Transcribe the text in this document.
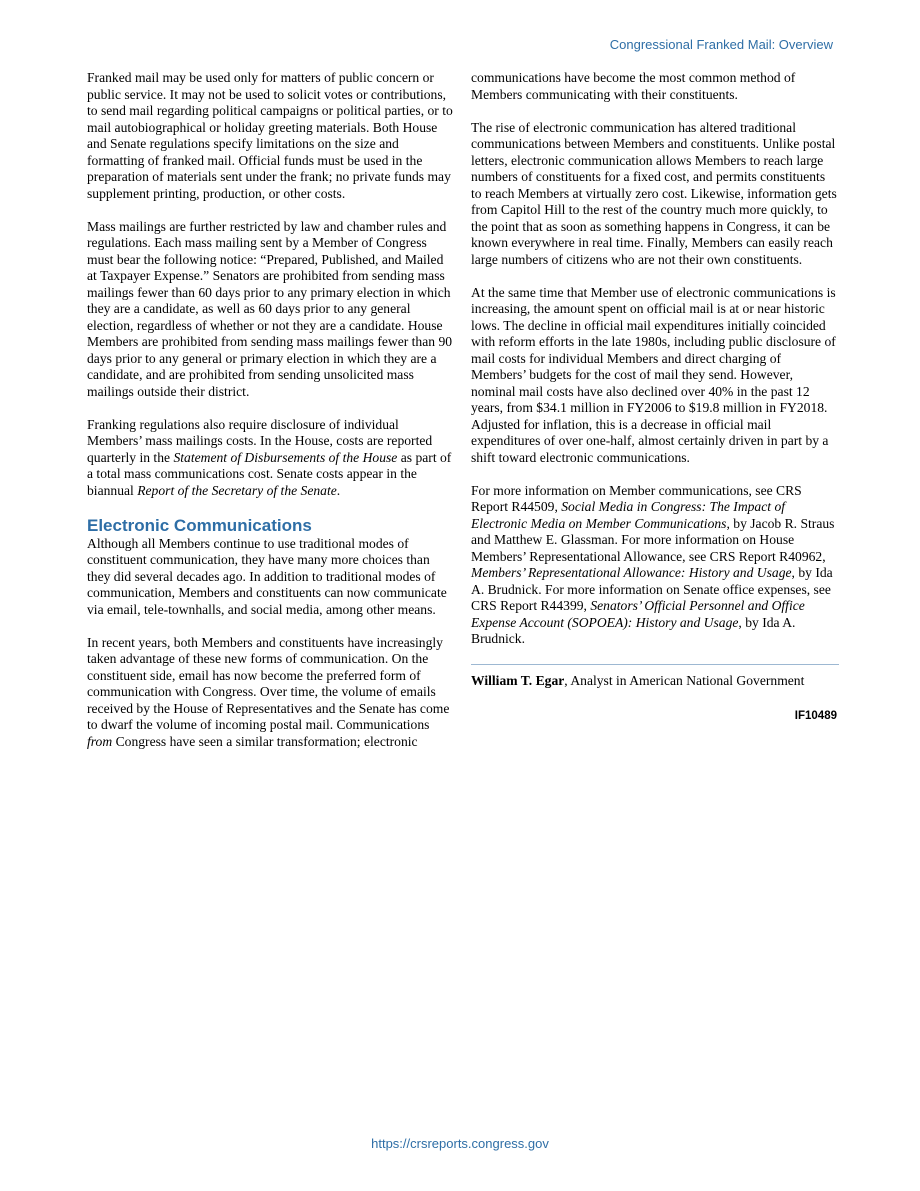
Congressional Franked Mail: Overview

Franked mail may be used only for matters of public concern or public service. It may not be used to solicit votes or contributions, to send mail regarding political campaigns or political parties, or to mail autobiographical or holiday greeting materials. Both House and Senate regulations specify limitations on the size and formatting of franked mail. Official funds must be used in the preparation of materials sent under the frank; no private funds may supplement printing, production, or other costs.

Mass mailings are further restricted by law and chamber rules and regulations. Each mass mailing sent by a Member of Congress must bear the following notice: “Prepared, Published, and Mailed at Taxpayer Expense.” Senators are prohibited from sending mass mailings fewer than 60 days prior to any primary election in which they are a candidate, as well as 60 days prior to any general election, regardless of whether or not they are a candidate. House Members are prohibited from sending mass mailings fewer than 90 days prior to any general or primary election in which they are a candidate, and are prohibited from sending unsolicited mass mailings outside their district.

Franking regulations also require disclosure of individual Members’ mass mailings costs. In the House, costs are reported quarterly in the Statement of Disbursements of the House as part of a total mass communications cost. Senate costs appear in the biannual Report of the Secretary of the Senate.

Electronic Communications

Although all Members continue to use traditional modes of constituent communication, they have many more choices than they did several decades ago. In addition to traditional modes of communication, Members and constituents can now communicate via email, tele-townhalls, and social media, among other means.

In recent years, both Members and constituents have increasingly taken advantage of these new forms of communication. On the constituent side, email has now become the preferred form of communication with Congress. Over time, the volume of emails received by the House of Representatives and the Senate has come to dwarf the volume of incoming postal mail. Communications from Congress have seen a similar transformation; electronic

communications have become the most common method of Members communicating with their constituents.

The rise of electronic communication has altered traditional communications between Members and constituents. Unlike postal letters, electronic communication allows Members to reach large numbers of constituents for a fixed cost, and permits constituents to reach Members at virtually zero cost. Likewise, information gets from Capitol Hill to the rest of the country much more quickly, to the point that as soon as something happens in Congress, it can be known everywhere in real time. Finally, Members can easily reach large numbers of citizens who are not their own constituents.

At the same time that Member use of electronic communications is increasing, the amount spent on official mail is at or near historic lows. The decline in official mail expenditures initially coincided with reform efforts in the late 1980s, including public disclosure of mail costs for individual Members and direct charging of Members’ budgets for the cost of mail they send. However, nominal mail costs have also declined over 40% in the past 12 years, from $34.1 million in FY2006 to $19.8 million in FY2018. Adjusted for inflation, this is a decrease in official mail expenditures of over one-half, almost certainly driven in part by a shift toward electronic communications.

For more information on Member communications, see CRS Report R44509, Social Media in Congress: The Impact of Electronic Media on Member Communications, by Jacob R. Straus and Matthew E. Glassman. For more information on House Members’ Representational Allowance, see CRS Report R40962, Members’ Representational Allowance: History and Usage, by Ida A. Brudnick. For more information on Senate office expenses, see CRS Report R44399, Senators’ Official Personnel and Office Expense Account (SOPOEA): History and Usage, by Ida A. Brudnick.

William T. Egar, Analyst in American National Government
IF10489
https://crsreports.congress.gov
